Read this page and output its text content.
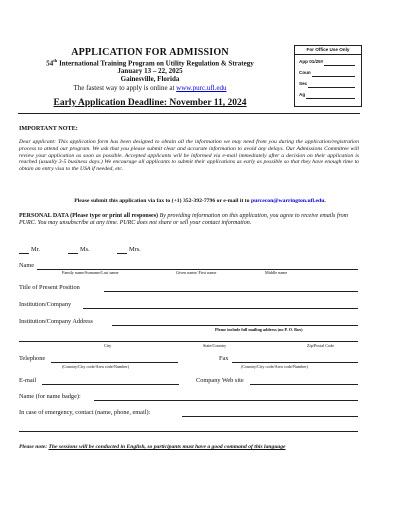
APPLICATION FOR ADMISSION
54th International Training Program on Utility Regulation & Strategy
January 13 – 22, 2025
Gainesville, Florida
The fastest way to apply is online at www.purc.ufl.edu
Early Application Deadline: November 11, 2024
For Office Use Only
App 01/25#
Coun
Sec
Ag
IMPORTANT NOTE:
Dear applicant: This application form has been designed to obtain all the information we may need from you during the application/registration process to attend our program. We ask that you please submit clear and accurate information to avoid any delays. Our Admissions Committee will review your application as soon as possible. Accepted applicants will be informed via e-mail immediately after a decision on their application is reached (usually 3-5 business days.) We encourage all applicants to submit their applications as early as possible so that they have enough time to obtain an entry visa to the USA if needed, etc.
Please submit this application via fax to (+1) 352-392-7796 or e-mail it to purcecon@warrington.ufl.edu.
PERSONAL DATA (Please type or print all responses) By providing information on this application, you agree to receive emails from PURC. You may unsubscribe at any time. PURC does not share or sell your contact information.
Mr.	Ms.	Mrs.
Name
Family name/Surname/Last name	Given name/ First name	Middle name
Title of Present Position
Institution/Company
Institution/Company Address
Please include full mailing address (no P. O. Box)
City	State/Country	Zip/Postal Code
Telephone
(Country/City code/Area code/Number)
Fax
(Country/City code/Area code/Number)
E-mail	Company Web site
Name (for name badge):
In case of emergency, contact (name, phone, email):
Please note: The sessions will be conducted in English, so participants must have a good command of this language
